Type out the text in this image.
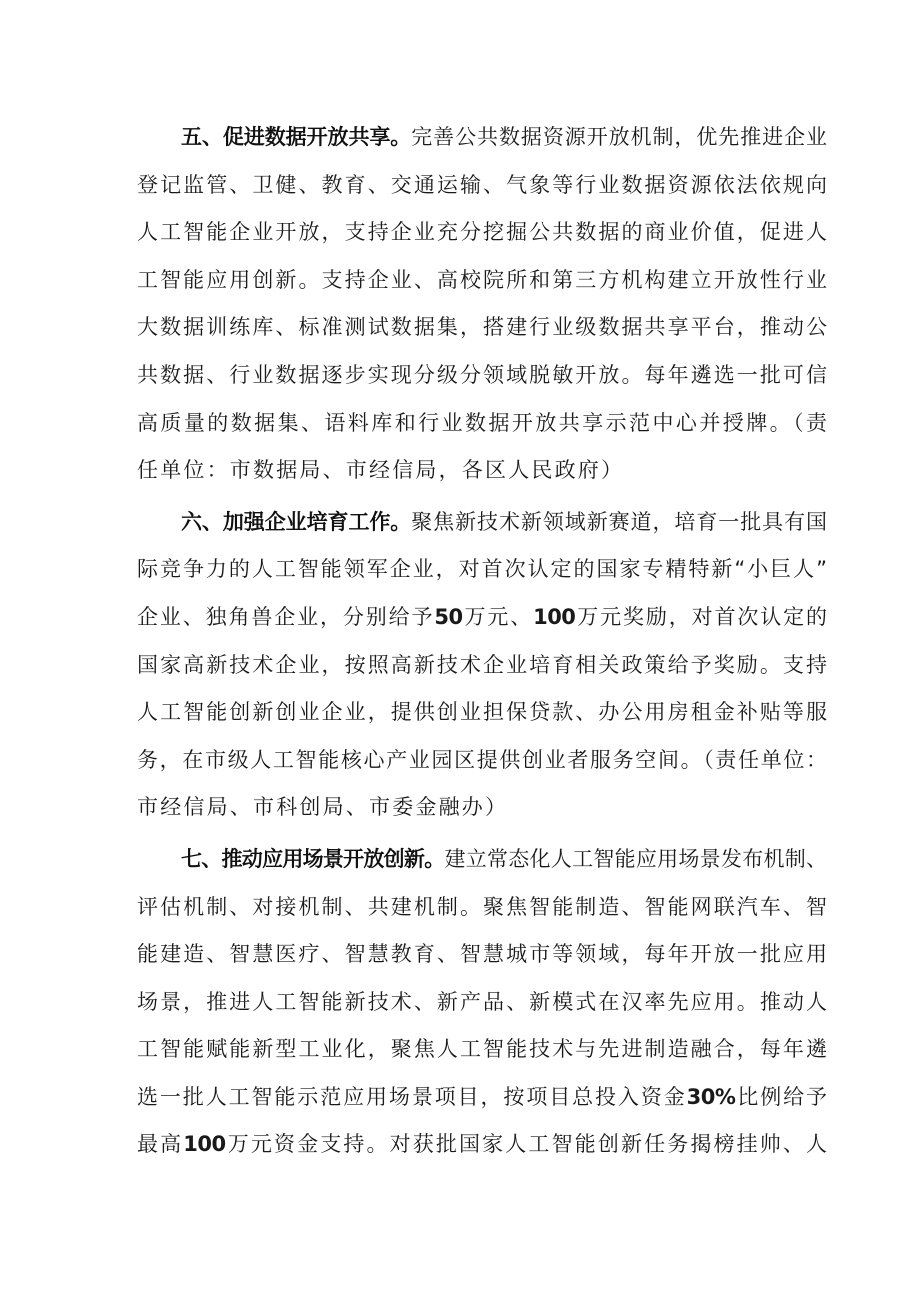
五、促进数据开放共享。完善公共数据资源开放机制，优先推进企业
登记监管、卫健、教育、交通运输、气象等行业数据资源依法依规向
人工智能企业开放，支持企业充分挖掘公共数据的商业价值，促进人
工智能应用创新。支持企业、高校院所和第三方机构建立开放性行业
大数据训练库、标准测试数据集，搭建行业级数据共享平台，推动公
共数据、行业数据逐步实现分级分领域脱敏开放。每年遴选一批可信
高质量的数据集、语料库和行业数据开放共享示范中心并授牌。（责
任单位：市数据局、市经信局，各区人民政府）
六、加强企业培育工作。聚焦新技术新领域新赛道，培育一批具有国
际竞争力的人工智能领军企业，对首次认定的国家专精特新“小巨人”
企业、独角兽企业，分别给予50万元、100万元奖励，对首次认定的
国家高新技术企业，按照高新技术企业培育相关政策给予奖励。支持
人工智能创新创业企业，提供创业担保贷款、办公用房租金补贴等服
务，在市级人工智能核心产业园区提供创业者服务空间。（责任单位：
市经信局、市科创局、市委金融办）
七、推动应用场景开放创新。建立常态化人工智能应用场景发布机制、
评估机制、对接机制、共建机制。聚焦智能制造、智能网联汽车、智
能建造、智慧医疗、智慧教育、智慧城市等领域，每年开放一批应用
场景，推进人工智能新技术、新产品、新模式在汉率先应用。推动人
工智能赋能新型工业化，聚焦人工智能技术与先进制造融合，每年遴
选一批人工智能示范应用场景项目，按项目总投入资金30%比例给予
最高100万元资金支持。对获批国家人工智能创新任务揭榜挂帅、人
